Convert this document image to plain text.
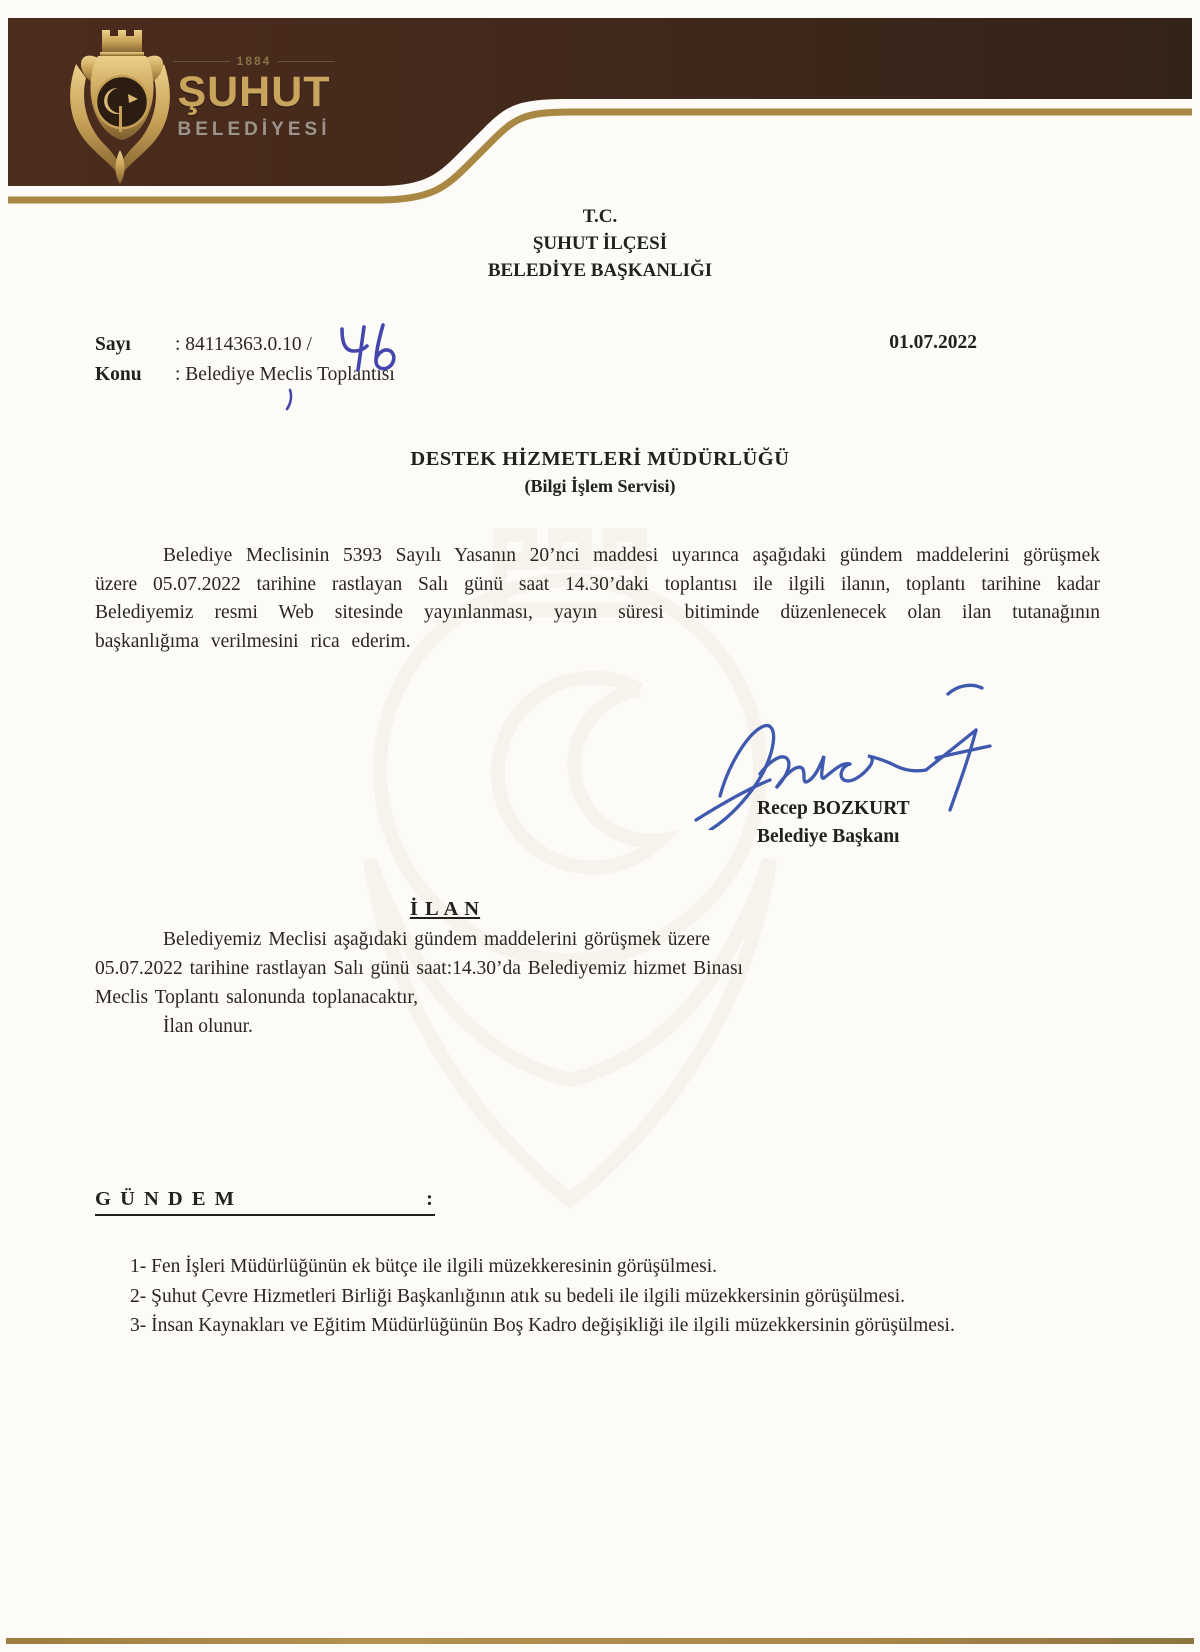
1884
ŞUHUT
BELEDİYESİ
T.C.
ŞUHUT İLÇESİ
BELEDİYE BAŞKANLIĞI
Sayı	: 84114363.0.10 /
Konu	: Belediye Meclis Toplantısı
01.07.2022
DESTEK HİZMETLERİ MÜDÜRLÜĞÜ
(Bilgi İşlem Servisi)
Belediye Meclisinin 5393 Sayılı Yasanın 20’nci maddesi uyarınca aşağıdaki gündem maddelerini görüşmek üzere 05.07.2022 tarihine rastlayan Salı günü saat 14.30’daki toplantısı ile ilgili ilanın, toplantı tarihine kadar Belediyemiz resmi Web sitesinde yayınlanması, yayın süresi bitiminde düzenlenecek olan ilan tutanağının başkanlığıma verilmesini rica ederim.
Recep BOZKURT
Belediye Başkanı
İ L A N
Belediyemiz Meclisi aşağıdaki gündem maddelerini görüşmek üzere 05.07.2022 tarihine rastlayan Salı günü saat:14.30’da Belediyemiz hizmet Binası Meclis Toplantı salonunda toplanacaktır,
İlan olunur.
G Ü N D E M	:
1- Fen İşleri Müdürlüğünün ek bütçe ile ilgili müzekkeresinin görüşülmesi.
2- Şuhut Çevre Hizmetleri Birliği Başkanlığının atık su bedeli ile ilgili müzekkersinin görüşülmesi.
3- İnsan Kaynakları ve Eğitim Müdürlüğünün Boş Kadro değişikliği ile ilgili müzekkersinin görüşülmesi.
